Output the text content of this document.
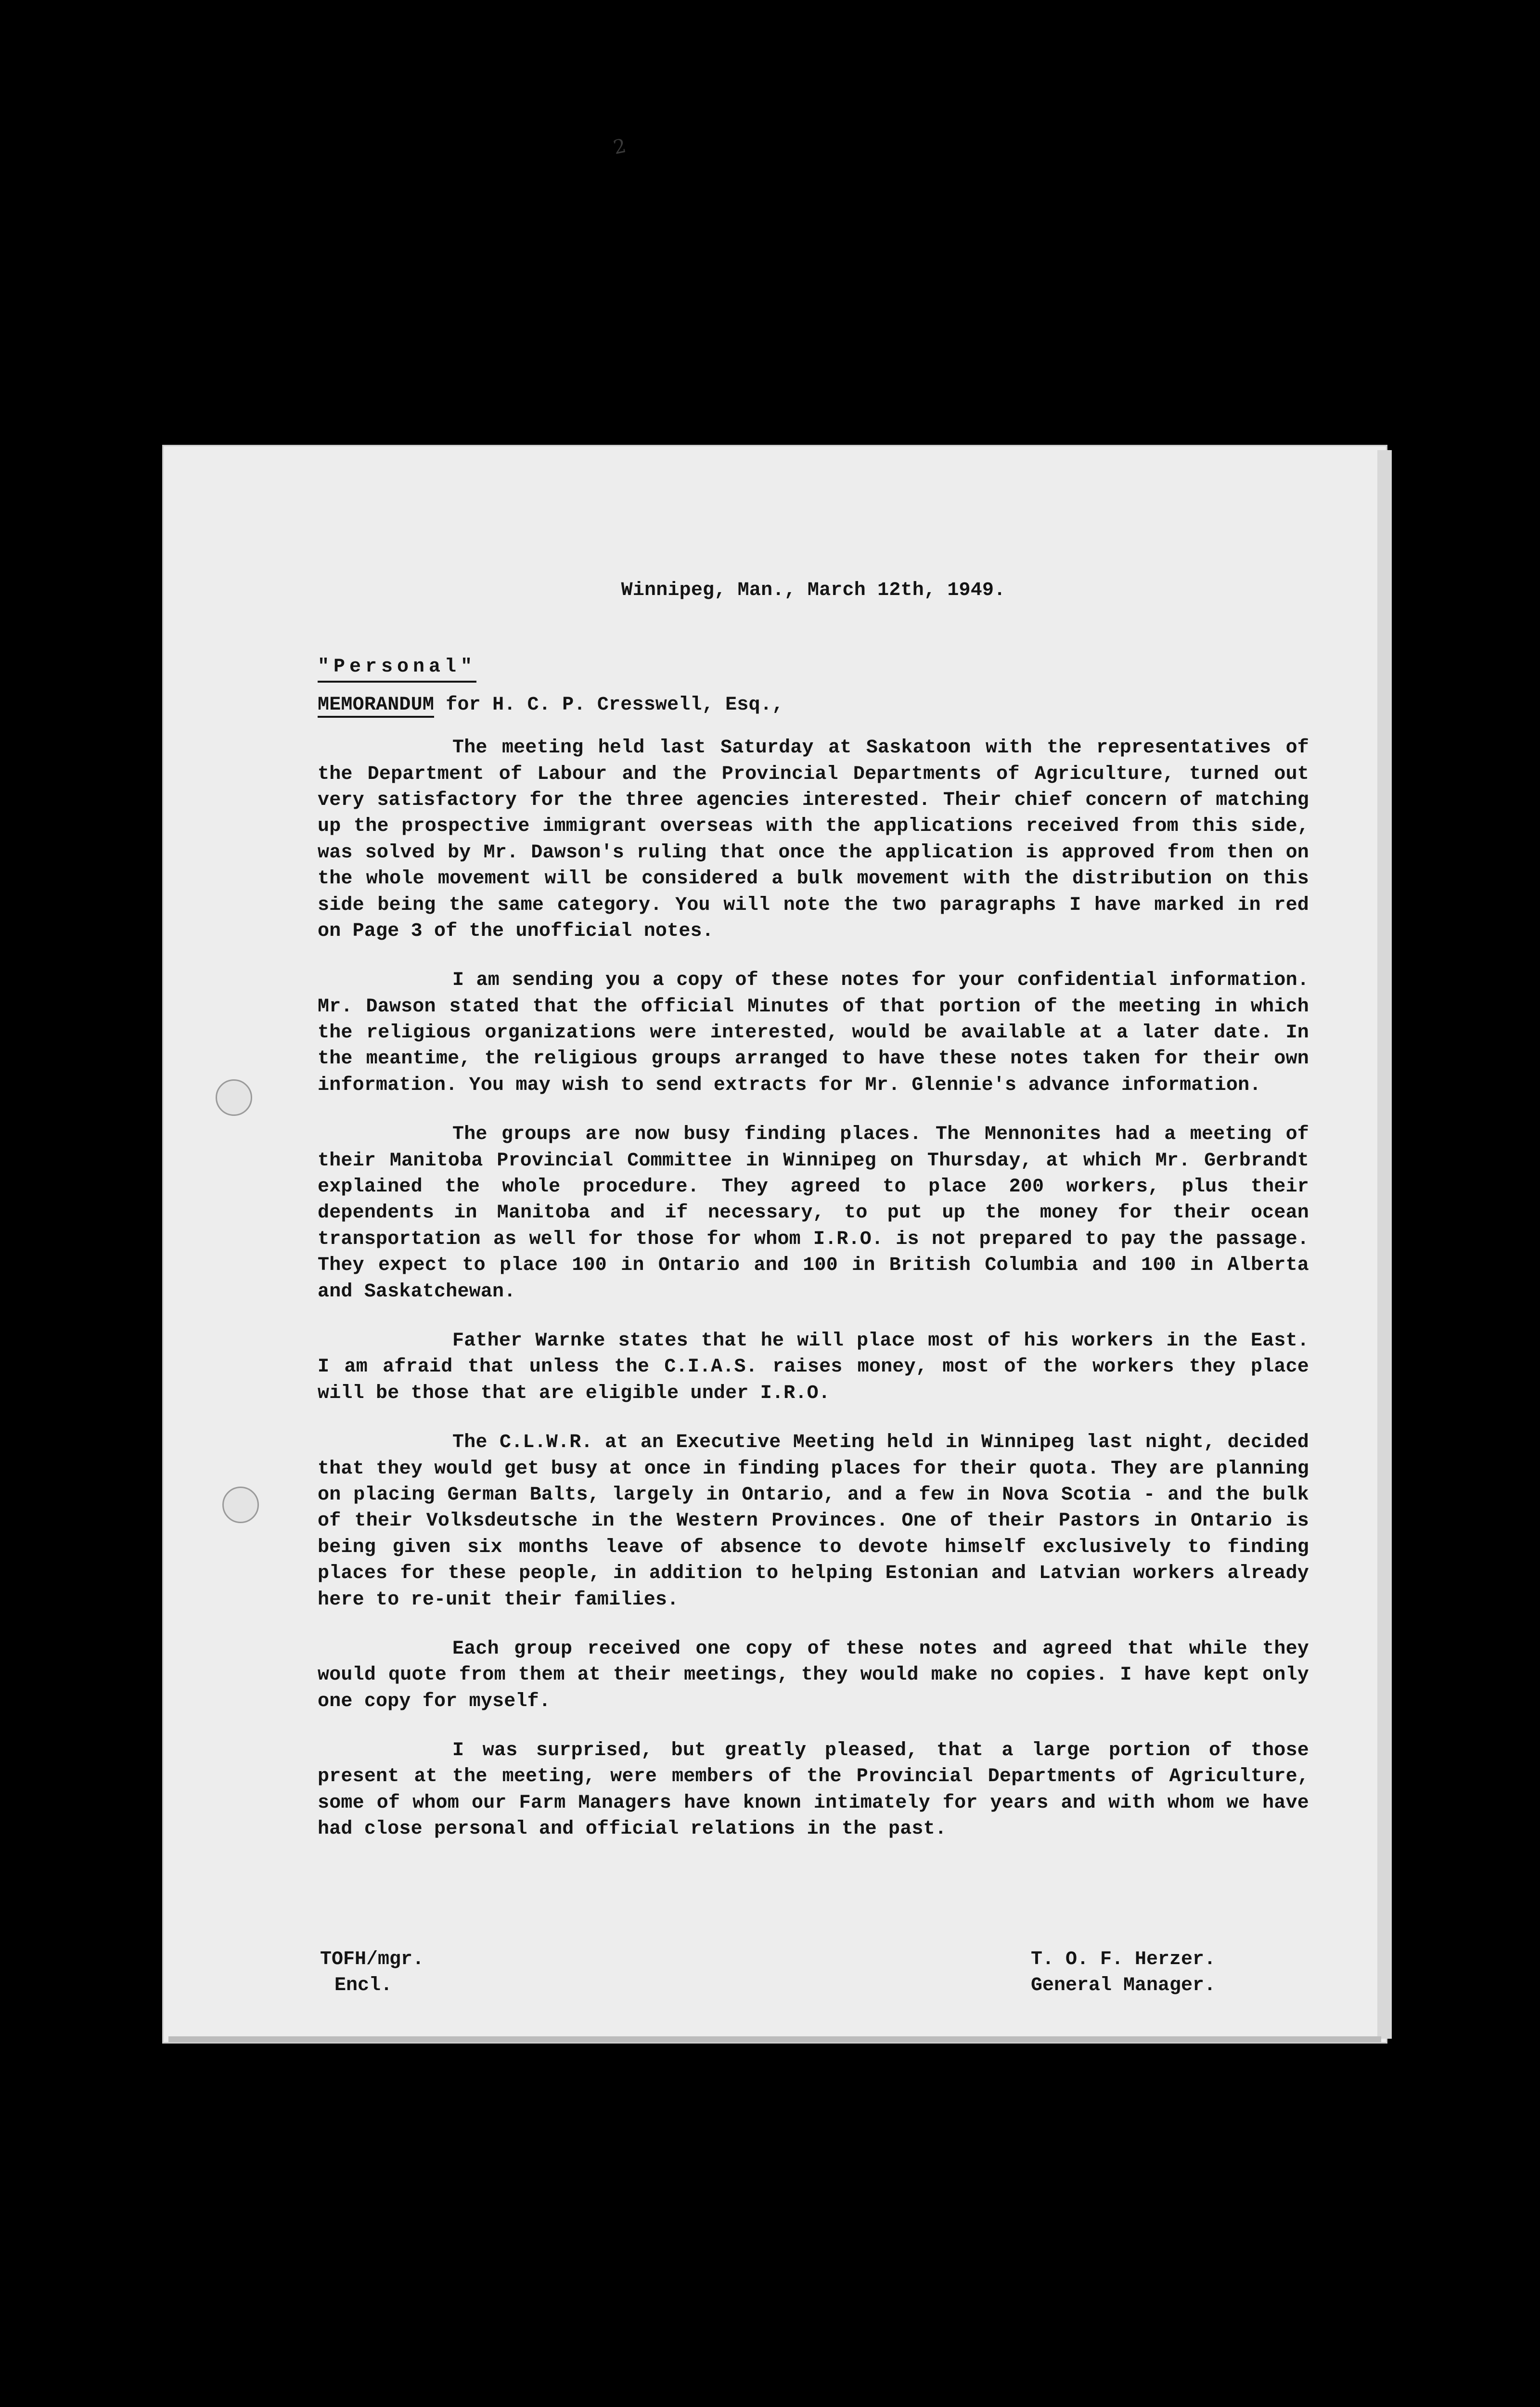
2
Winnipeg, Man., March 12th, 1949.
"Personal"
MEMORANDUM for H. C. P. Cresswell, Esq.,

The meeting held last Saturday at Saskatoon with the representatives of the Department of Labour and the Provincial Departments of Agriculture, turned out very satisfactory for the three agencies interested. Their chief concern of matching up the prospective immigrant overseas with the applications received from this side, was solved by Mr. Dawson's ruling that once the application is approved from then on the whole movement will be considered a bulk movement with the distribution on this side being the same category. You will note the two paragraphs I have marked in red on Page 3 of the unofficial notes.

I am sending you a copy of these notes for your confidential information. Mr. Dawson stated that the official Minutes of that portion of the meeting in which the religious organizations were interested, would be available at a later date. In the meantime, the religious groups arranged to have these notes taken for their own information. You may wish to send extracts for Mr. Glennie's advance information.

The groups are now busy finding places. The Mennonites had a meeting of their Manitoba Provincial Committee in Winnipeg on Thursday, at which Mr. Gerbrandt explained the whole procedure. They agreed to place 200 workers, plus their dependents in Manitoba and if necessary, to put up the money for their ocean transportation as well for those for whom I.R.O. is not prepared to pay the passage. They expect to place 100 in Ontario and 100 in British Columbia and 100 in Alberta and Saskatchewan.

Father Warnke states that he will place most of his workers in the East. I am afraid that unless the C.I.A.S. raises money, most of the workers they place will be those that are eligible under I.R.O.

The C.L.W.R. at an Executive Meeting held in Winnipeg last night, decided that they would get busy at once in finding places for their quota. They are planning on placing German Balts, largely in Ontario, and a few in Nova Scotia - and the bulk of their Volksdeutsche in the Western Provinces. One of their Pastors in Ontario is being given six months leave of absence to devote himself exclusively to finding places for these people, in addition to helping Estonian and Latvian workers already here to re-unit their families.

Each group received one copy of these notes and agreed that while they would quote from them at their meetings, they would make no copies. I have kept only one copy for myself.

I was surprised, but greatly pleased, that a large portion of those present at the meeting, were members of the Provincial Departments of Agriculture, some of whom our Farm Managers have known intimately for years and with whom we have had close personal and official relations in the past.

TOFH/mgr.
Encl.
T. O. F. Herzer.
General Manager.
